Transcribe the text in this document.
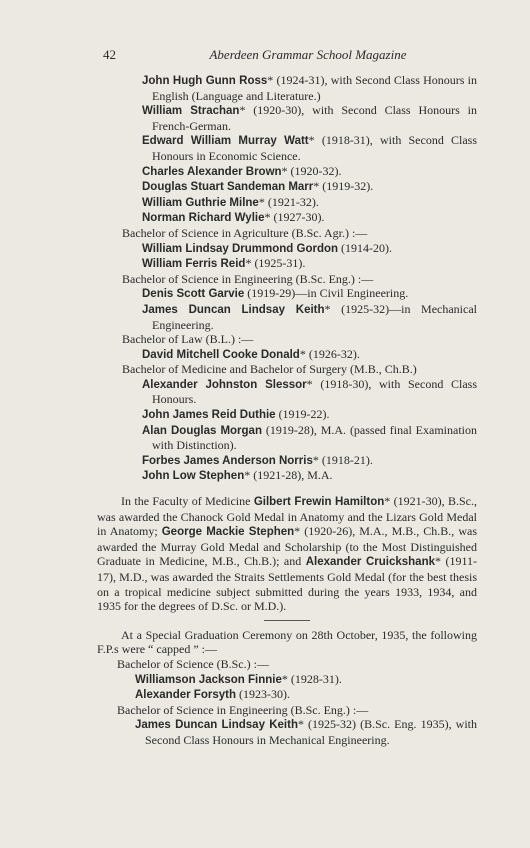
42	Aberdeen Grammar School Magazine
John Hugh Gunn Ross* (1924-31), with Second Class Honours in English (Language and Literature.)
William Strachan* (1920-30), with Second Class Honours in French-German.
Edward William Murray Watt* (1918-31), with Second Class Honours in Economic Science.
Charles Alexander Brown* (1920-32).
Douglas Stuart Sandeman Marr* (1919-32).
William Guthrie Milne* (1921-32).
Norman Richard Wylie* (1927-30).
Bachelor of Science in Agriculture (B.Sc. Agr.) :—
William Lindsay Drummond Gordon (1914-20).
William Ferris Reid* (1925-31).
Bachelor of Science in Engineering (B.Sc. Eng.) :—
Denis Scott Garvie (1919-29)—in Civil Engineering.
James Duncan Lindsay Keith* (1925-32)—in Mechanical Engineering.
Bachelor of Law (B.L.) :—
David Mitchell Cooke Donald* (1926-32).
Bachelor of Medicine and Bachelor of Surgery (M.B., Ch.B.)
Alexander Johnston Slessor* (1918-30), with Second Class Honours.
John James Reid Duthie (1919-22).
Alan Douglas Morgan (1919-28), M.A. (passed final Examination with Distinction).
Forbes James Anderson Norris* (1918-21).
John Low Stephen* (1921-28), M.A.
In the Faculty of Medicine Gilbert Frewin Hamilton* (1921-30), B.Sc., was awarded the Chanock Gold Medal in Anatomy and the Lizars Gold Medal in Anatomy; George Mackie Stephen* (1920-26), M.A., M.B., Ch.B., was awarded the Murray Gold Medal and Scholarship (to the Most Distinguished Graduate in Medicine, M.B., Ch.B.); and Alexander Cruickshank* (1911-17), M.D., was awarded the Straits Settlements Gold Medal (for the best thesis on a tropical medicine subject submitted during the years 1933, 1934, and 1935 for the degrees of D.Sc. or M.D.).
At a Special Graduation Ceremony on 28th October, 1935, the following F.P.s were “ capped ” :—
Bachelor of Science (B.Sc.) :—
Williamson Jackson Finnie* (1928-31).
Alexander Forsyth (1923-30).
Bachelor of Science in Engineering (B.Sc. Eng.) :—
James Duncan Lindsay Keith* (1925-32) (B.Sc. Eng. 1935), with Second Class Honours in Mechanical Engineering.
